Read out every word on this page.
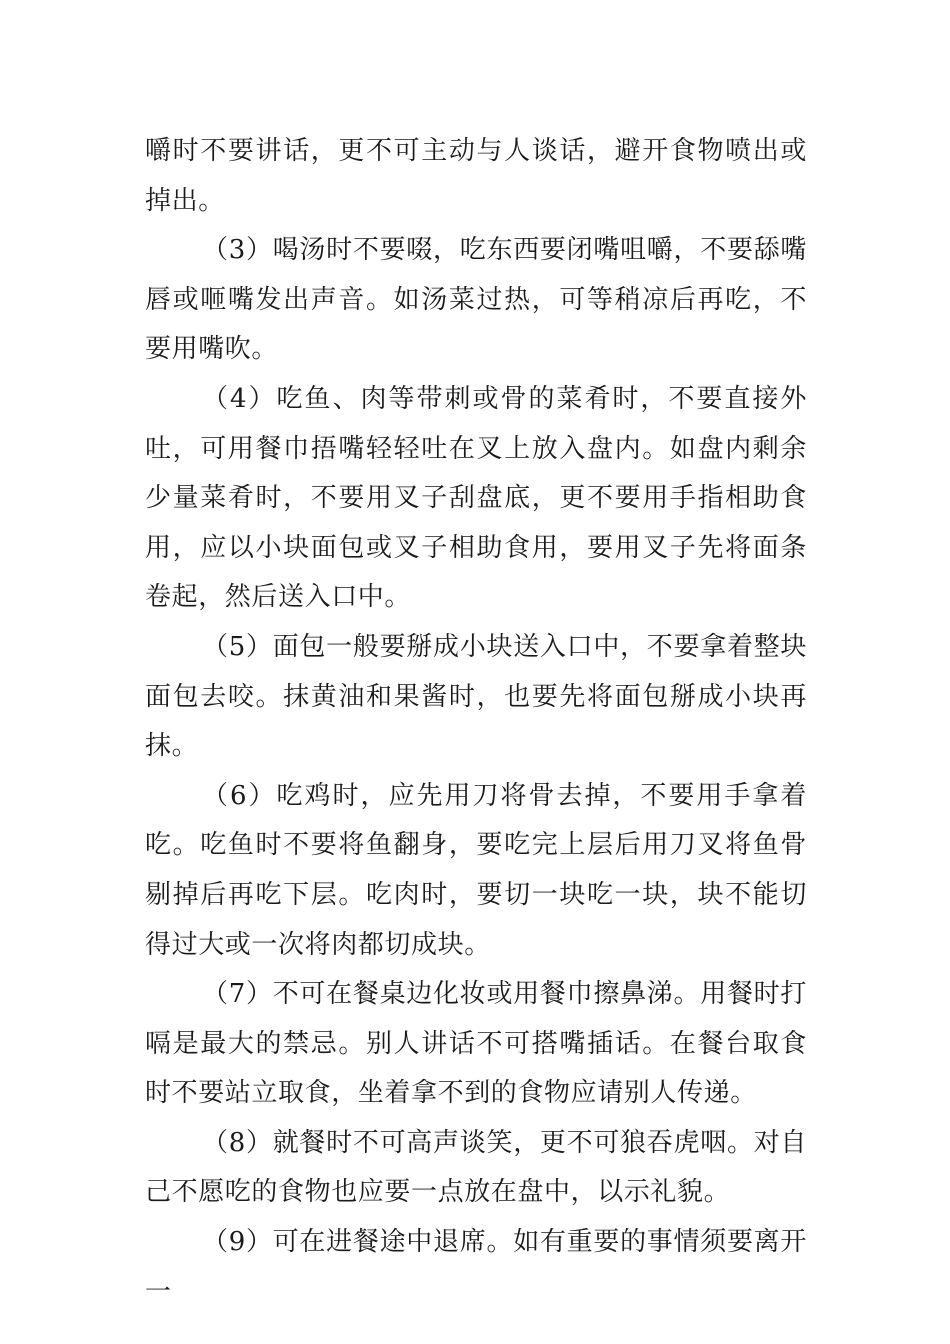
嚼时不要讲话，更不可主动与人谈话，避开食物喷出或掉出。

（3）喝汤时不要啜，吃东西要闭嘴咀嚼，不要舔嘴唇或咂嘴发出声音。如汤菜过热，可等稍凉后再吃，不要用嘴吹。

（4）吃鱼、肉等带刺或骨的菜肴时，不要直接外吐，可用餐巾捂嘴轻轻吐在叉上放入盘内。如盘内剩余少量菜肴时，不要用叉子刮盘底，更不要用手指相助食用，应以小块面包或叉子相助食用，要用叉子先将面条卷起，然后送入口中。

（5）面包一般要掰成小块送入口中，不要拿着整块面包去咬。抹黄油和果酱时，也要先将面包掰成小块再抹。

（6）吃鸡时，应先用刀将骨去掉，不要用手拿着吃。吃鱼时不要将鱼翻身，要吃完上层后用刀叉将鱼骨剔掉后再吃下层。吃肉时，要切一块吃一块，块不能切得过大或一次将肉都切成块。

（7）不可在餐桌边化妆或用餐巾擦鼻涕。用餐时打嗝是最大的禁忌。别人讲话不可搭嘴插话。在餐台取食时不要站立取食，坐着拿不到的食物应请别人传递。

（8）就餐时不可高声谈笑，更不可狼吞虎咽。对自己不愿吃的食物也应要一点放在盘中，以示礼貌。

（9）可在进餐途中退席。如有重要的事情须要离开一
